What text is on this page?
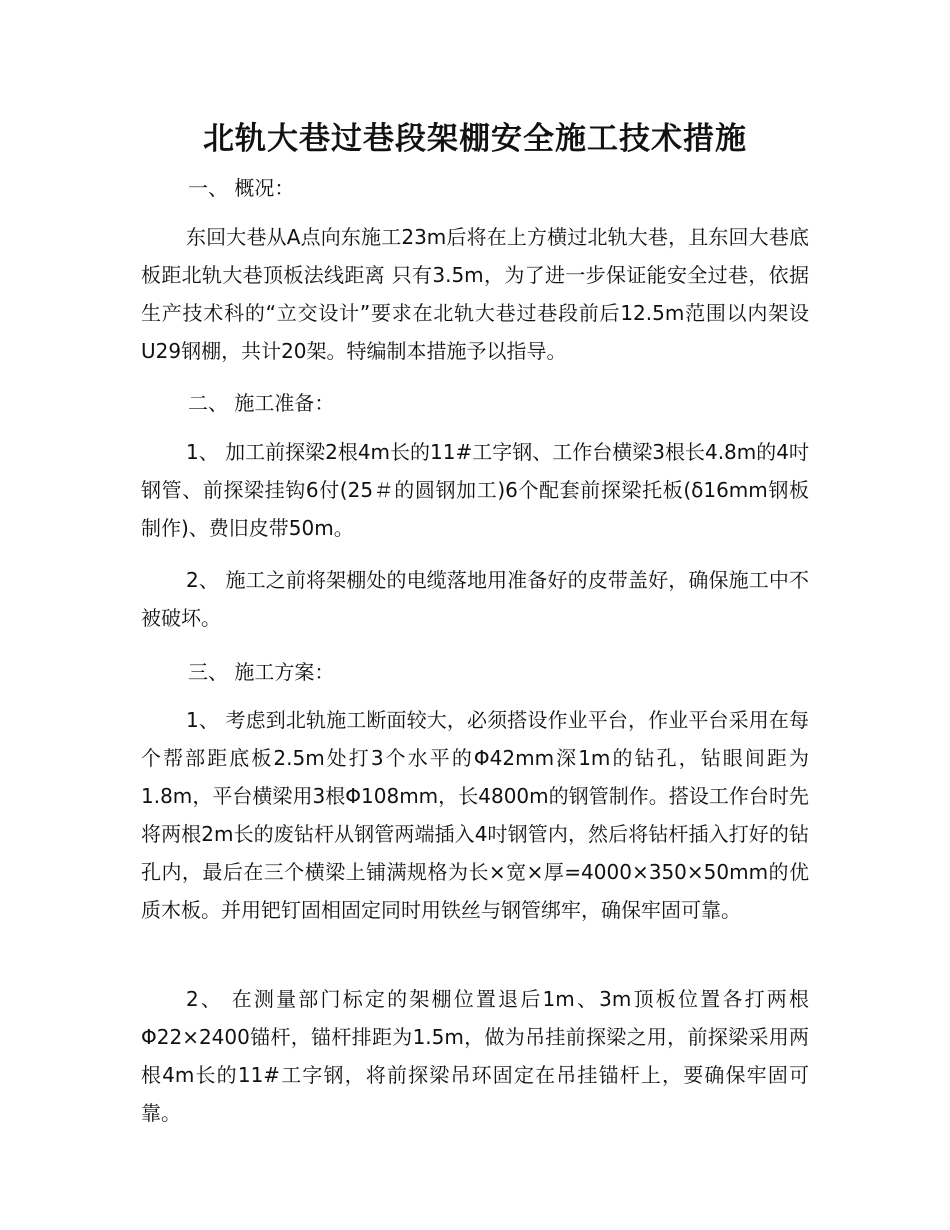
北轨大巷过巷段架棚安全施工技术措施
一、 概况：
东回大巷从A点向东施工23m后将在上方横过北轨大巷，且东回大巷底板距北轨大巷顶板法线距离 只有3.5m，为了进一步保证能安全过巷，依据生产技术科的“立交设计”要求在北轨大巷过巷段前后12.5m范围以内架设U29钢棚，共计20架。特编制本措施予以指导。
二、 施工准备：
1、 加工前探梁2根4m长的11#工字钢、工作台横梁3根长4.8m的4吋钢管、前探梁挂钩6付(25＃的圆钢加工)6个配套前探梁托板(δ16mm钢板制作)、费旧皮带50m。
2、 施工之前将架棚处的电缆落地用准备好的皮带盖好，确保施工中不被破坏。
三、 施工方案：
1、 考虑到北轨施工断面较大，必须搭设作业平台，作业平台采用在每个帮部距底板2.5m处打3个水平的Φ42mm深1m的钻孔，钻眼间距为1.8m，平台横梁用3根Φ108mm，长4800m的钢管制作。搭设工作台时先将两根2m长的废钻杆从钢管两端插入4吋钢管内，然后将钻杆插入打好的钻孔内，最后在三个横梁上铺满规格为长×宽×厚=4000×350×50mm的优质木板。并用钯钉固相固定同时用铁丝与钢管绑牢，确保牢固可靠。
2、 在测量部门标定的架棚位置退后1m、3m顶板位置各打两根Φ22×2400锚杆，锚杆排距为1.5m，做为吊挂前探梁之用，前探梁采用两根4m长的11#工字钢，将前探梁吊环固定在吊挂锚杆上，要确保牢固可靠。
